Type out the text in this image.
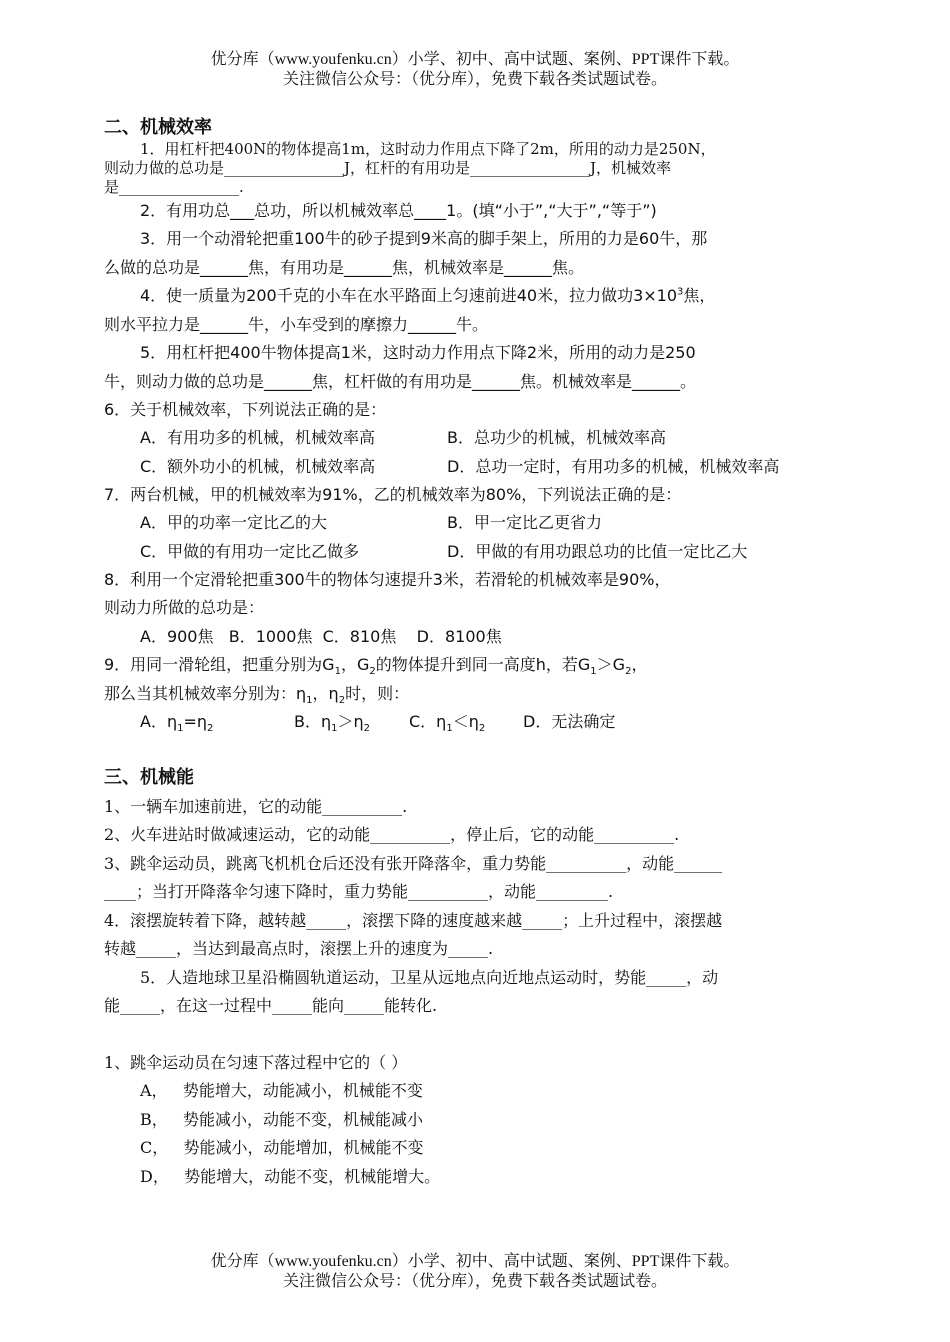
优分库（www.youfenku.cn）小学、初中、高中试题、案例、PPT课件下载。
关注微信公众号：（优分库），免费下载各类试题试卷。
二、机械效率
1．用杠杆把400N的物体提高1m，这时动力作用点下降了2m，所用的动力是250N，
则动力做的总功是________________J，杠杆的有用功是________________J，机械效率
是________________.
2．有用功总___总功，所以机械效率总____1。(填“小于”,“大于”,“等于”)
3．用一个动滑轮把重100牛的砂子提到9米高的脚手架上，所用的力是60牛，那
么做的总功是______焦，有用功是______焦，机械效率是______焦。
4．使一质量为200千克的小车在水平路面上匀速前进40米，拉力做功$3\times 10^3$焦，
则水平拉力是______牛，小车受到的摩擦力______牛。
5．用杠杆把400牛物体提高1米，这时动力作用点下降2米，所用的动力是250
牛，则动力做的总功是______焦，杠杆做的有用功是______焦。机械效率是______。
6．关于机械效率，下列说法正确的是：
A．有用功多的机械，机械效率高	B．总功少的机械，机械效率高
C．额外功小的机械，机械效率高	D．总功一定时，有用功多的机械，机械效率高
7．两台机械，甲的机械效率为91%，乙的机械效率为80%，下列说法正确的是：
A．甲的功率一定比乙的大	B．甲一定比乙更省力
C．甲做的有用功一定比乙做多	D．甲做的有用功跟总功的比值一定比乙大
8．利用一个定滑轮把重300牛的物体匀速提升3米，若滑轮的机械效率是90%，
则动力所做的总功是：
A．900焦   B．1000焦  C．810焦    D．8100焦
9．用同一滑轮组，把重分别为$G_1$，$G_2$的物体提升到同一高度h，若$G_1>G_2$，
那么当其机械效率分别为：$\eta_1$，$\eta_2$时，则：
A．$\eta_1=\eta_2$	B．$\eta_1>\eta_2$ C．$\eta_1<\eta_2$ D．无法确定
三、机械能
1、一辆车加速前进，它的动能__________.
2、火车进站时做减速运动，它的动能__________，停止后，它的动能__________.
3、跳伞运动员，跳离飞机机仓后还没有张开降落伞，重力势能__________，动能______
____；当打开降落伞匀速下降时，重力势能__________，动能_________.
4．滚摆旋转着下降，越转越_____，滚摆下降的速度越来越_____；上升过程中，滚摆越
转越_____，当达到最高点时，滚摆上升的速度为_____.
5．人造地球卫星沿椭圆轨道运动，卫星从远地点向近地点运动时，势能_____，动
能_____，在这一过程中_____能向_____能转化.
1、跳伞运动员在匀速下落过程中它的（ ）
A，   势能增大，动能减小，机械能不变
B，   势能减小，动能不变，机械能减小
C，   势能减小，动能增加，机械能不变
D，   势能增大，动能不变，机械能增大。
优分库（www.youfenku.cn）小学、初中、高中试题、案例、PPT课件下载。
关注微信公众号：（优分库），免费下载各类试题试卷。
